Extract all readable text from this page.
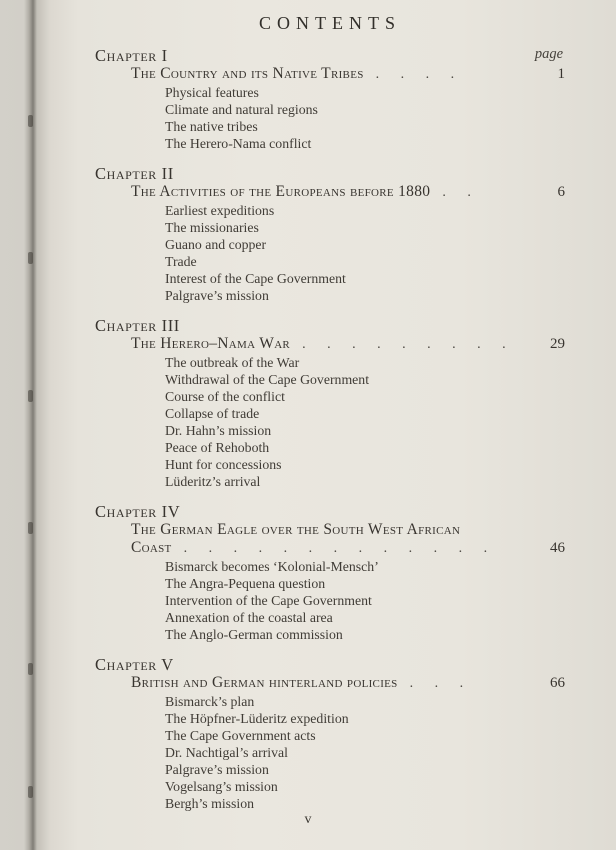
CONTENTS
page
Chapter I
The Country and its Native Tribes . . . .	1
Physical features
Climate and natural regions
The native tribes
The Herero-Nama conflict
Chapter II
The Activities of the Europeans before 1880 . .	6
Earliest expeditions
The missionaries
Guano and copper
Trade
Interest of the Cape Government
Palgrave’s mission
Chapter III
The Herero–Nama War . . . . . . . . .	29
The outbreak of the War
Withdrawal of the Cape Government
Course of the conflict
Collapse of trade
Dr. Hahn’s mission
Peace of Rehoboth
Hunt for concessions
Lüderitz’s arrival
Chapter IV
The German Eagle over the South West African
Coast . . . . . . . . . . . . .	46
Bismarck becomes ‘Kolonial-Mensch’
The Angra-Pequena question
Intervention of the Cape Government
Annexation of the coastal area
The Anglo-German commission
Chapter V
British and German hinterland policies . . .	66
Bismarck’s plan
The Höpfner-Lüderitz expedition
The Cape Government acts
Dr. Nachtigal’s arrival
Palgrave’s mission
Vogelsang’s mission
Bergh’s mission
v
